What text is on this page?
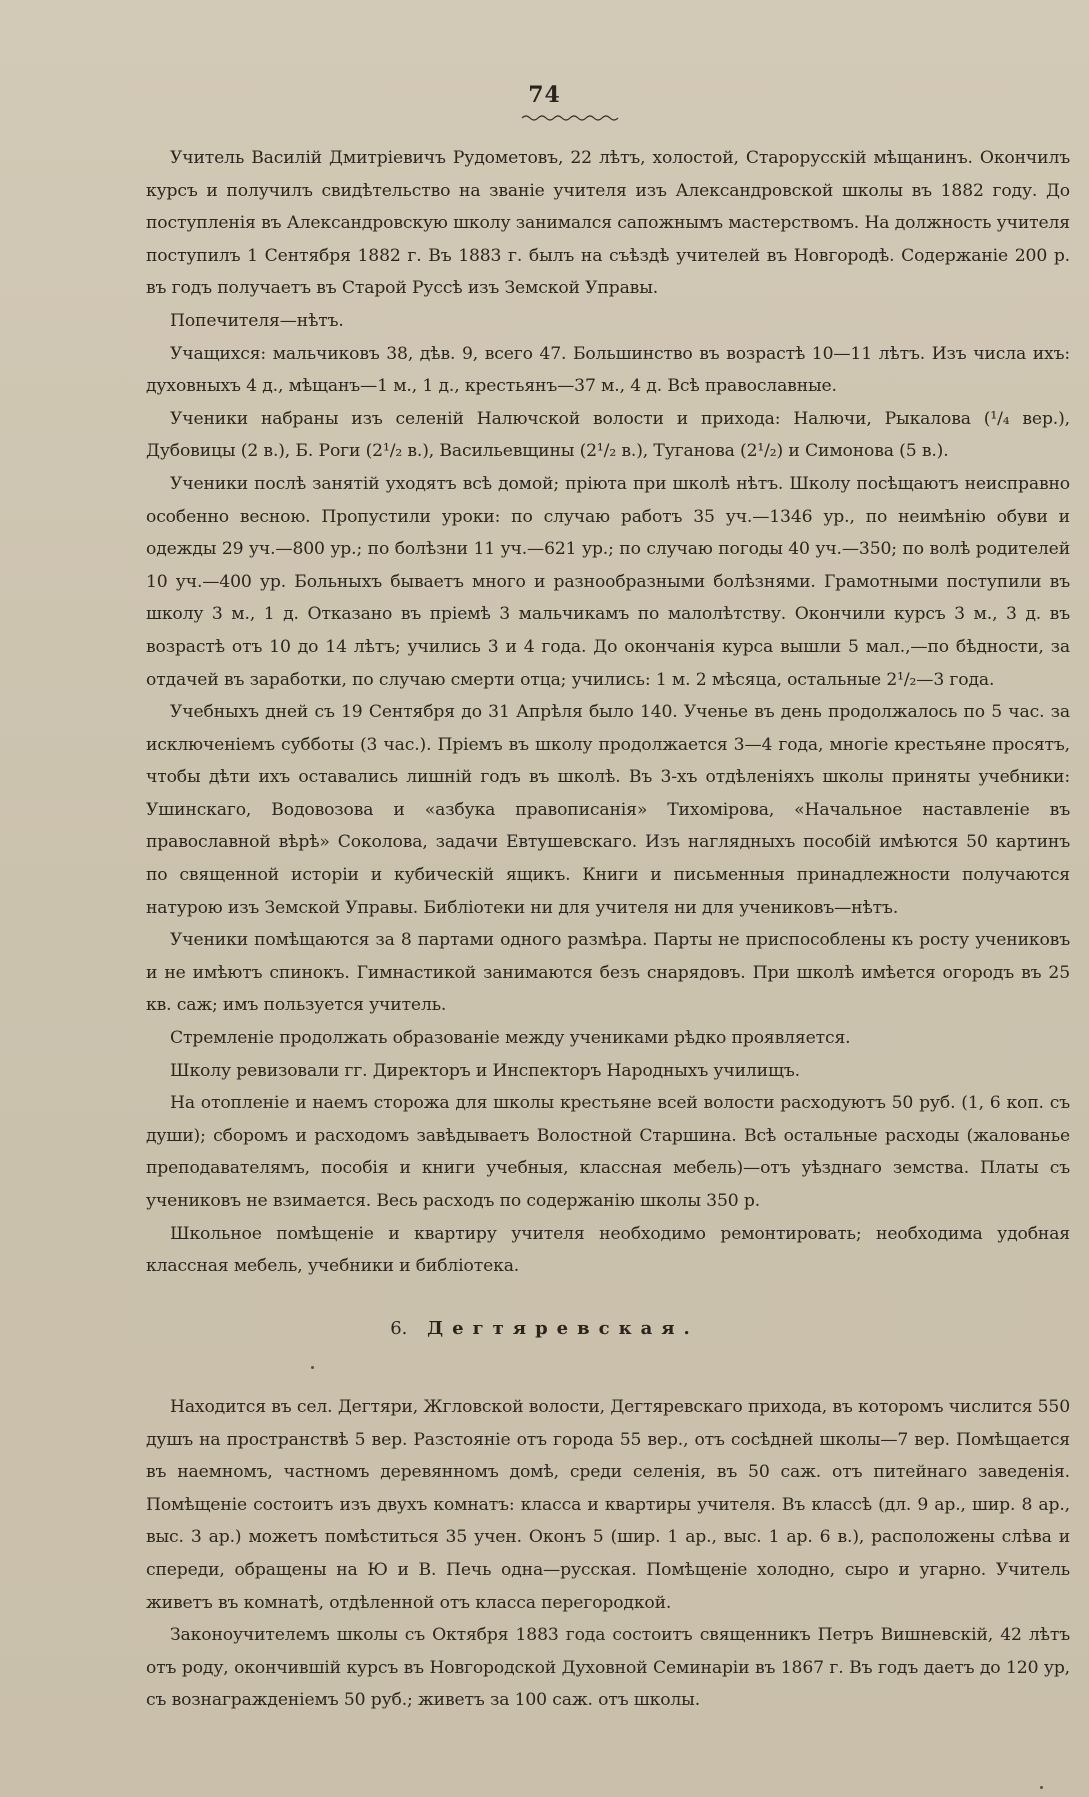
74

Учитель Василій Дмитріевичъ Рудометовъ, 22 лѣтъ, холостой, Старорусскій мѣщанинъ. Окончилъ курсъ и получилъ свидѣтельство на званіе учителя изъ Александровской школы въ 1882 году. До поступленія въ Александровскую школу занимался сапожнымъ мастерствомъ. На должность учителя поступилъ 1 Сентября 1882 г. Въ 1883 г. былъ на съѣздѣ учителей въ Новгородѣ. Содержаніе 200 р. въ годъ получаетъ въ Старой Руссѣ изъ Земской Управы.

Попечителя—нѣтъ.

Учащихся: мальчиковъ 38, дѣв. 9, всего 47. Большинство въ возрастѣ 10—11 лѣтъ. Изъ числа ихъ: духовныхъ 4 д., мѣщанъ—1 м., 1 д., крестьянъ—37 м., 4 д. Всѣ православные.

Ученики набраны изъ селеній Налючской волости и прихода: Налючи, Рыкалова (¹/₄ вер.), Дубовицы (2 в.), Б. Роги (2¹/₂ в.), Васильевщины (2¹/₂ в.), Туганова (2¹/₂) и Симонова (5 в.).

Ученики послѣ занятій уходятъ всѣ домой; пріюта при школѣ нѣтъ. Школу посѣщаютъ неисправно особенно весною. Пропустили уроки: по случаю работъ 35 уч.—1346 ур., по неимѣнію обуви и одежды 29 уч.—800 ур.; по болѣзни 11 уч.—621 ур.; по случаю погоды 40 уч.—350; по волѣ родителей 10 уч.—400 ур. Больныхъ бываетъ много и разнообразными болѣзнями. Грамотными поступили въ школу 3 м., 1 д. Отказано въ пріемѣ 3 мальчикамъ по малолѣтству. Окончили курсъ 3 м., 3 д. въ возрастѣ отъ 10 до 14 лѣтъ; учились 3 и 4 года. До окончанія курса вышли 5 мал.,—по бѣдности, за отдачей въ заработки, по случаю смерти отца; учились: 1 м. 2 мѣсяца, остальные 2¹/₂—3 года.

Учебныхъ дней съ 19 Сентября до 31 Апрѣля было 140. Ученье въ день продолжалось по 5 час. за исключеніемъ субботы (3 час.). Пріемъ въ школу продолжается 3—4 года, многіе крестьяне просятъ, чтобы дѣти ихъ оставались лишній годъ въ школѣ. Въ 3-хъ отдѣленіяхъ школы приняты учебники: Ушинскаго, Водовозова и «азбука правописанія» Тихомірова, «Начальное наставленіе въ православной вѣрѣ» Соколова, задачи Евтушевскаго. Изъ наглядныхъ пособій имѣются 50 картинъ по священной исторіи и кубическій ящикъ. Книги и письменныя принадлежности получаются натурою изъ Земской Управы. Библіотеки ни для учителя ни для учениковъ—нѣтъ.

Ученики помѣщаются за 8 партами одного размѣра. Парты не приспособлены къ росту учениковъ и не имѣютъ спинокъ. Гимнастикой занимаются безъ снарядовъ. При школѣ имѣется огородъ въ 25 кв. саж; имъ пользуется учитель.

Стремленіе продолжать образованіе между учениками рѣдко проявляется.

Школу ревизовали гг. Директоръ и Инспекторъ Народныхъ училищъ.

На отопленіе и наемъ сторожа для школы крестьяне всей волости расходуютъ 50 руб. (1, 6 коп. съ души); сборомъ и расходомъ завѣдываетъ Волостной Старшина. Всѣ остальные расходы (жалованье преподавателямъ, пособія и книги учебныя, классная мебель)—отъ уѣзднаго земства. Платы съ учениковъ не взимается. Весь расходъ по содержанію школы 350 р.

Школьное помѣщеніе и квартиру учителя необходимо ремонтировать; необходима удобная классная мебель, учебники и библіотека.

6. Дегтяревская.

Находится въ сел. Дегтяри, Жгловской волости, Дегтяревскаго прихода, въ которомъ числится 550 душъ на пространствѣ 5 вер. Разстояніе отъ города 55 вер., отъ сосѣдней школы—7 вер. Помѣщается въ наемномъ, частномъ деревянномъ домѣ, среди селенія, въ 50 саж. отъ питейнаго заведенія. Помѣщеніе состоитъ изъ двухъ комнатъ: класса и квартиры учителя. Въ классѣ (дл. 9 ар., шир. 8 ар., выс. 3 ар.) можетъ помѣститься 35 учен. Оконъ 5 (шир. 1 ар., выс. 1 ар. 6 в.), расположены слѣва и спереди, обращены на Ю и В. Печь одна—русская. Помѣщеніе холодно, сыро и угарно. Учитель живетъ въ комнатѣ, отдѣленной отъ класса перегородкой.

Законоучителемъ школы съ Октября 1883 года состоитъ священникъ Петръ Вишневскій, 42 лѣтъ отъ роду, окончившій курсъ въ Новгородской Духовной Семинаріи въ 1867 г. Въ годъ даетъ до 120 ур, съ вознагражденіемъ 50 руб.; живетъ за 100 саж. отъ школы.
